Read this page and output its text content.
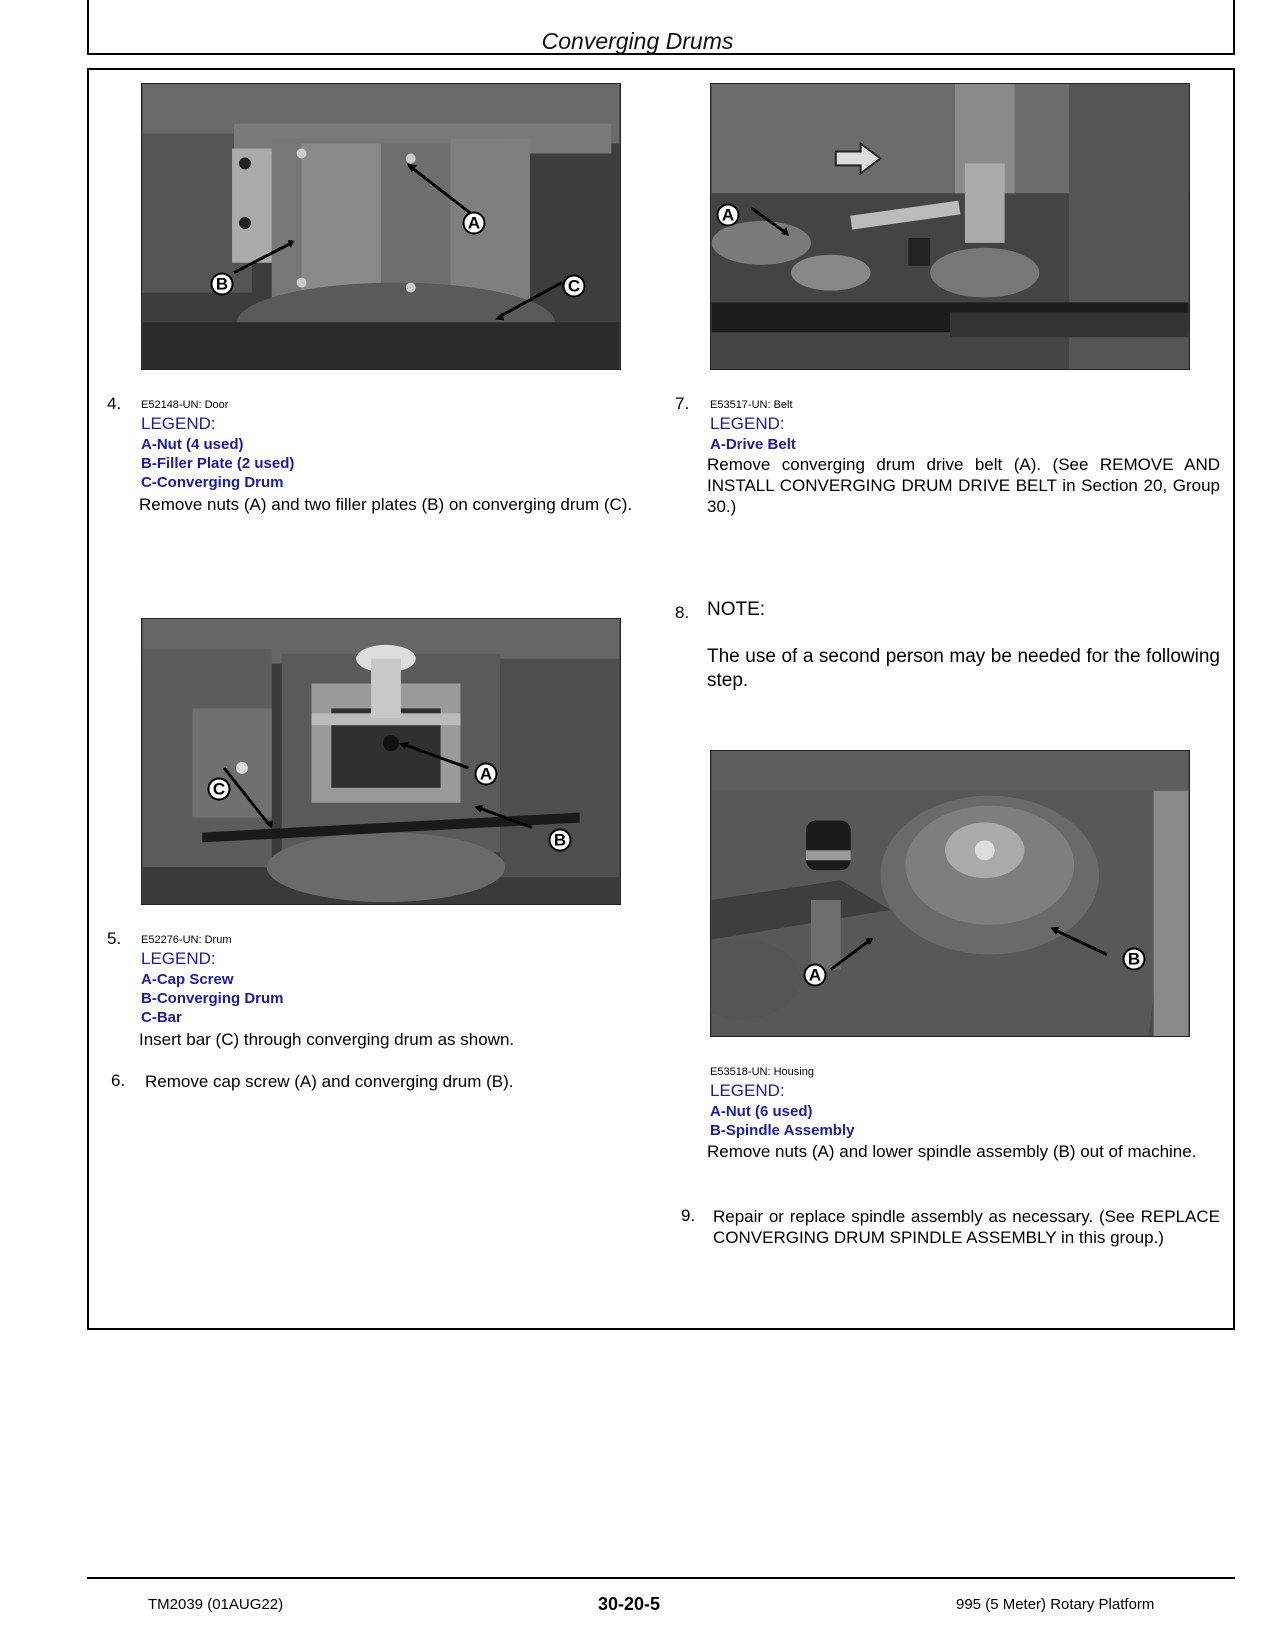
Converging Drums
A
B	C
4. E52148-UN: Door
LEGEND:
A-Nut (4 used)
B-Filler Plate (2 used)
C-Converging Drum
Remove nuts (A) and two filler plates (B) on converging drum (C).
A
B
C
5. E52276-UN: Drum
LEGEND:
A-Cap Screw
B-Converging Drum
C-Bar
Insert bar (C) through converging drum as shown.
6. Remove cap screw (A) and converging drum (B).
A
7. E53517-UN: Belt
LEGEND:
A-Drive Belt
Remove converging drum drive belt (A). (See REMOVE AND INSTALL CONVERGING DRUM DRIVE BELT in Section 20, Group 30.)
8. NOTE:
The use of a second person may be needed for the following step.
A
B
E53518-UN: Housing
LEGEND:
A-Nut (6 used)
B-Spindle Assembly
Remove nuts (A) and lower spindle assembly (B) out of machine.
9. Repair or replace spindle assembly as necessary. (See REPLACE CONVERGING DRUM SPINDLE ASSEMBLY in this group.)
TM2039 (01AUG22)	30-20-5	995 (5 Meter) Rotary Platform
